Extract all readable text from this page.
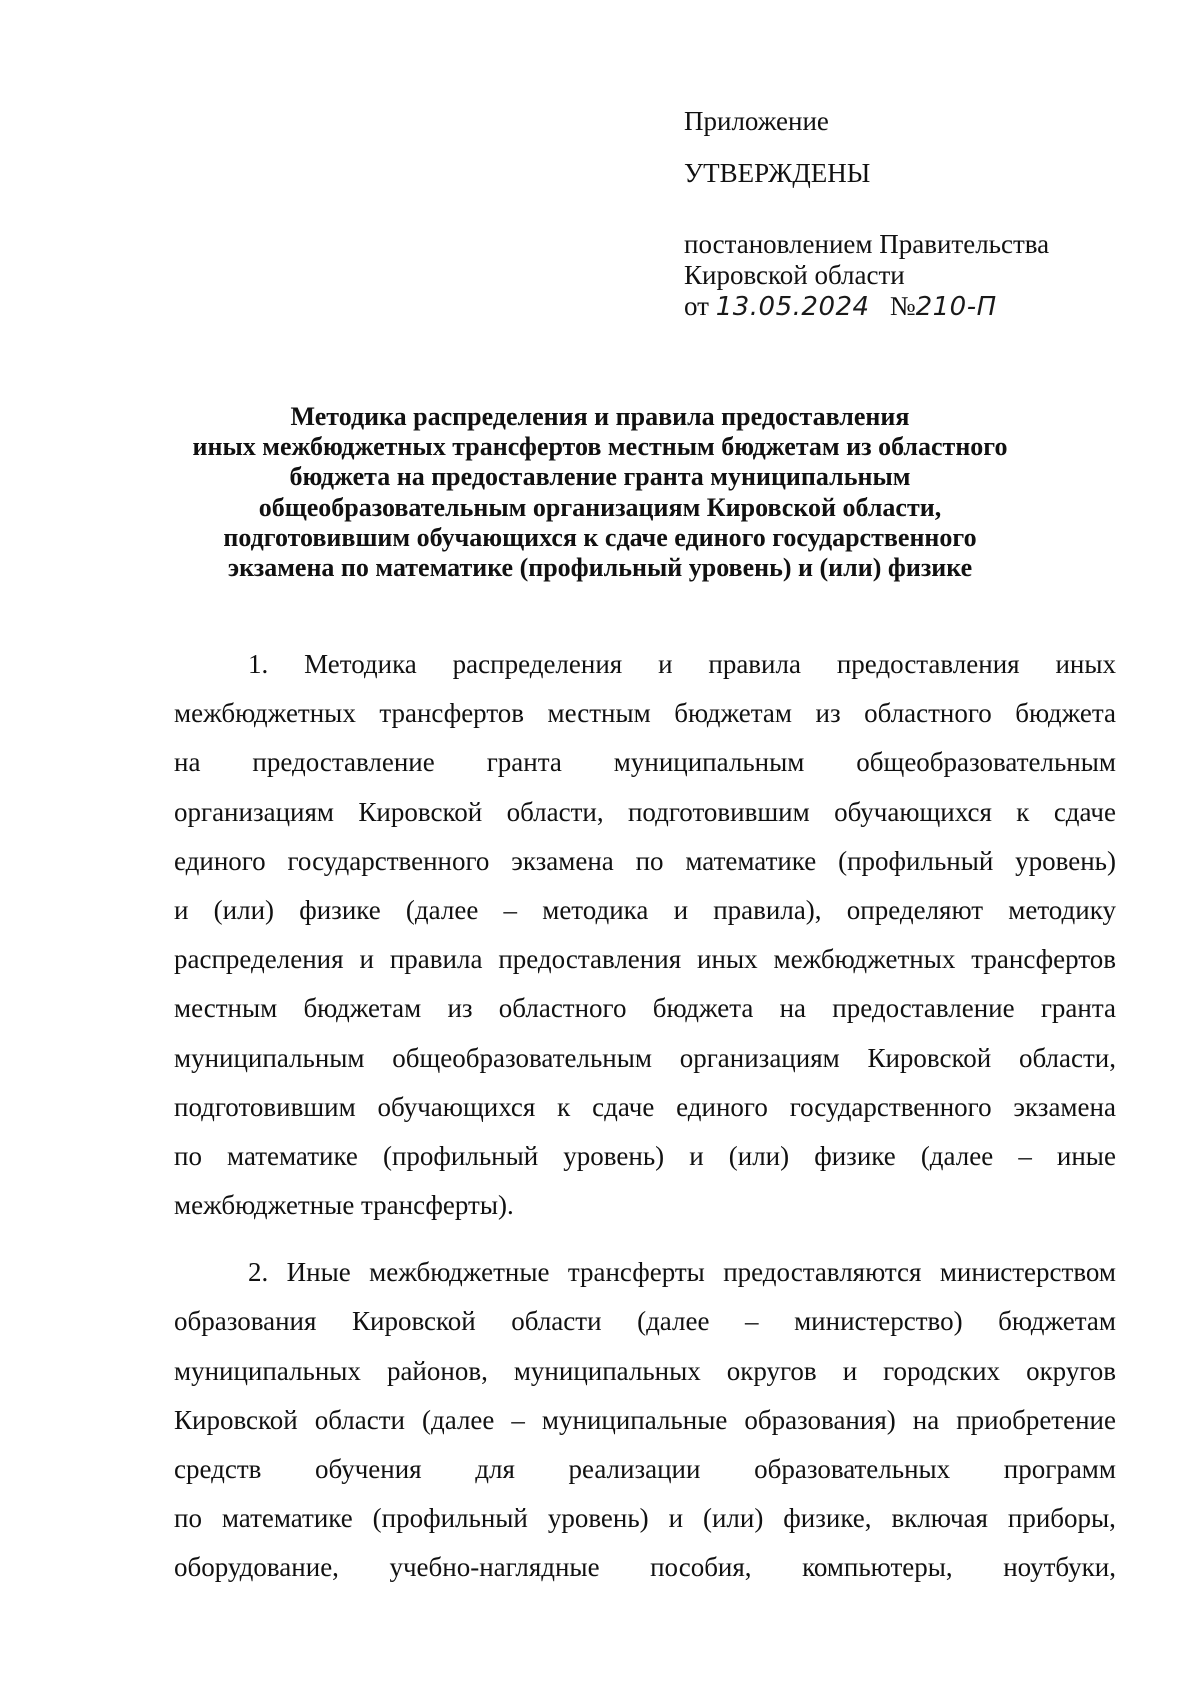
Приложение
УТВЕРЖДЕНЫ
постановлением Правительства
Кировской области
от 13.05.2024 №210-П
Методика распределения и правила предоставления
иных межбюджетных трансфертов местным бюджетам из областного
бюджета на предоставление гранта муниципальным
общеобразовательным организациям Кировской области,
подготовившим обучающихся к сдаче единого государственного
экзамена по математике (профильный уровень) и (или) физике
1. Методика распределения и правила предоставления иных
межбюджетных трансфертов местным бюджетам из областного бюджета
на предоставление гранта муниципальным общеобразовательным
организациям Кировской области, подготовившим обучающихся к сдаче
единого государственного экзамена по математике (профильный уровень)
и (или) физике (далее – методика и правила), определяют методику
распределения и правила предоставления иных межбюджетных трансфертов
местным бюджетам из областного бюджета на предоставление гранта
муниципальным общеобразовательным организациям Кировской области,
подготовившим обучающихся к сдаче единого государственного экзамена
по математике (профильный уровень) и (или) физике (далее – иные
межбюджетные трансферты).
2. Иные межбюджетные трансферты предоставляются министерством
образования Кировской области (далее – министерство) бюджетам
муниципальных районов, муниципальных округов и городских округов
Кировской области (далее – муниципальные образования) на приобретение
средств обучения для реализации образовательных программ
по математике (профильный уровень) и (или) физике, включая приборы,
оборудование, учебно-наглядные пособия, компьютеры, ноутбуки,
